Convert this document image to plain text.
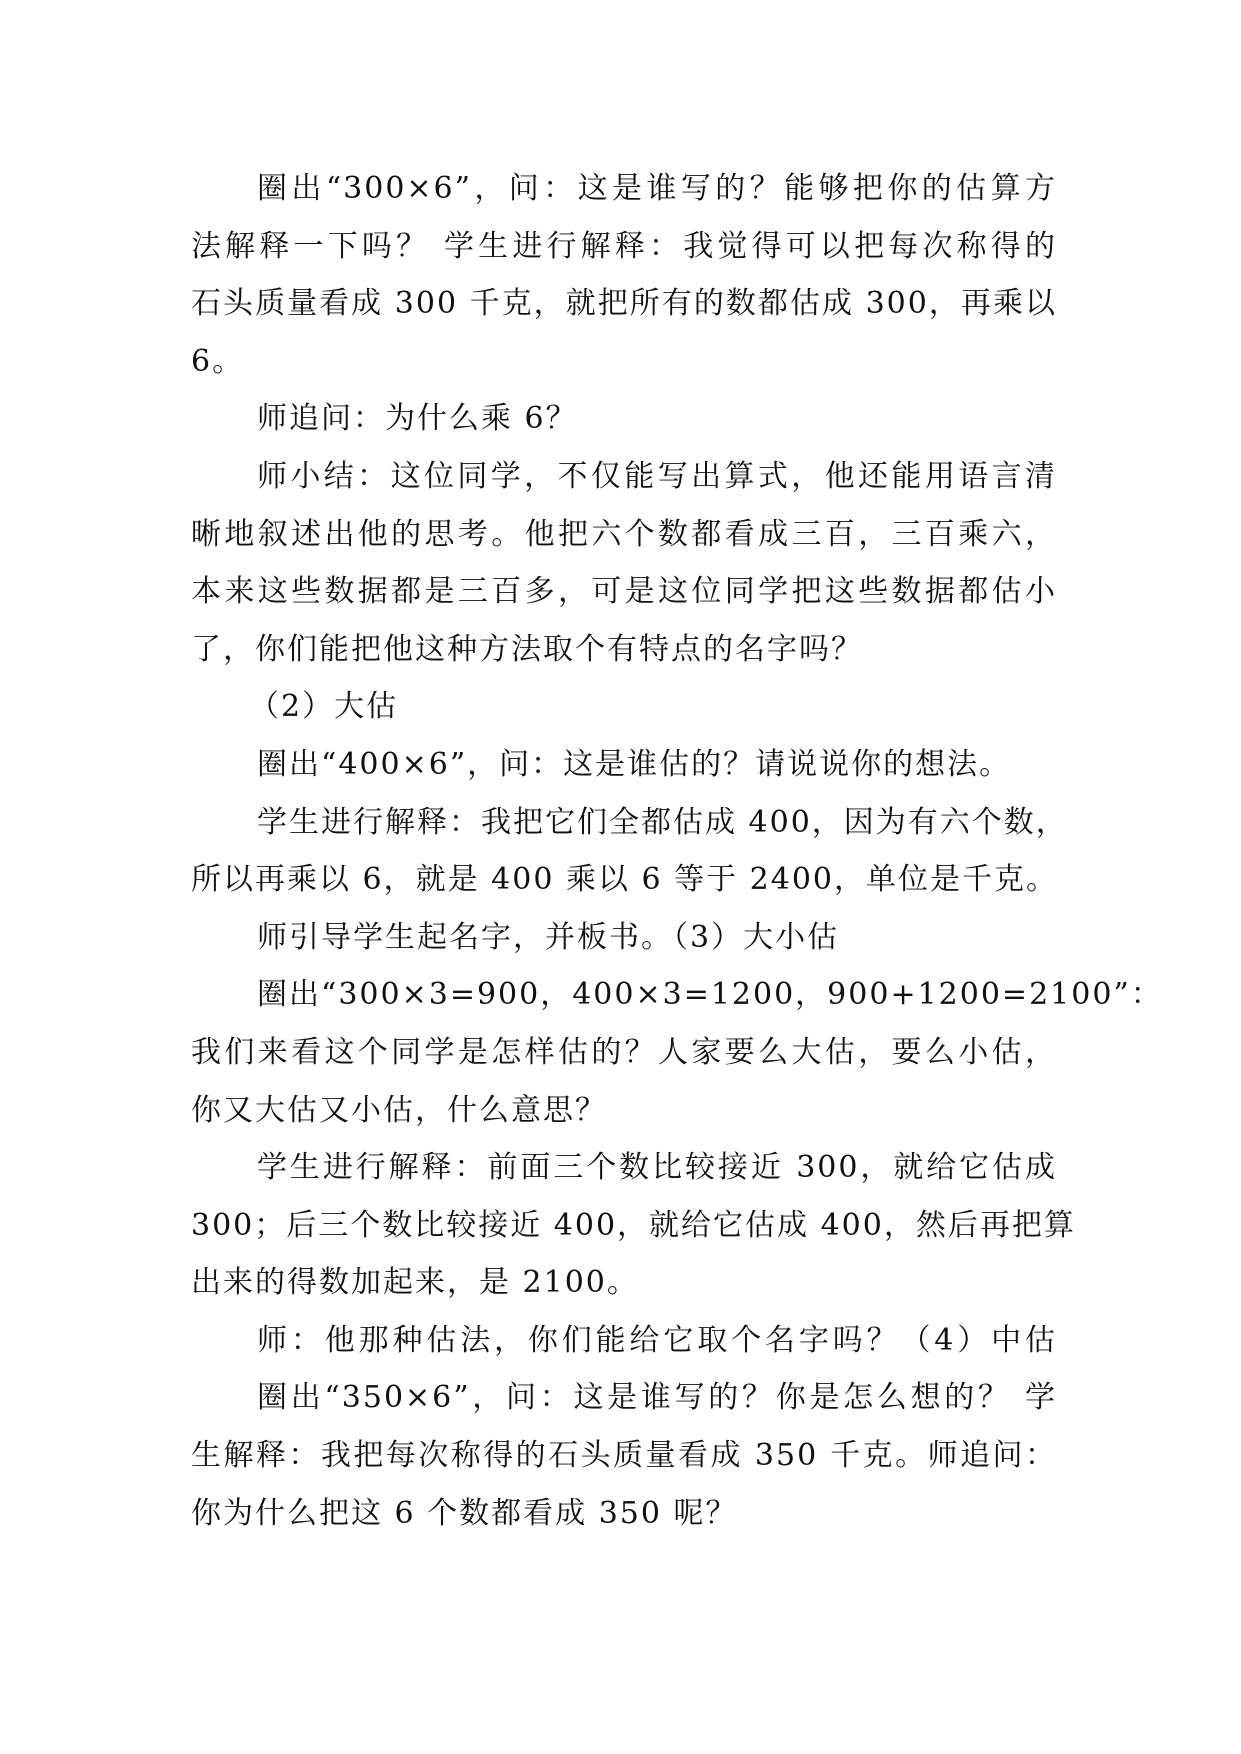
圈出“300×6”，问：这是谁写的？能够把你的估算方
法解释一下吗？ 学生进行解释：我觉得可以把每次称得的
石头质量看成 300 千克，就把所有的数都估成 300，再乘以
6。
师追问：为什么乘 6？
师小结：这位同学，不仅能写出算式，他还能用语言清
晰地叙述出他的思考。他把六个数都看成三百，三百乘六，
本来这些数据都是三百多，可是这位同学把这些数据都估小
了，你们能把他这种方法取个有特点的名字吗？
（2）大估
圈出“400×6”，问：这是谁估的？请说说你的想法。
学生进行解释：我把它们全都估成 400，因为有六个数，
所以再乘以 6，就是 400 乘以 6 等于 2400，单位是千克。
师引导学生起名字，并板书。（3）大小估
圈出“300×3=900，400×3=1200，900+1200=2100”：
我们来看这个同学是怎样估的？人家要么大估，要么小估，
你又大估又小估，什么意思？
学生进行解释：前面三个数比较接近 300，就给它估成
300；后三个数比较接近 400，就给它估成 400，然后再把算
出来的得数加起来，是 2100。
师：他那种估法，你们能给它取个名字吗？（4）中估
圈出“350×6”，问：这是谁写的？你是怎么想的？ 学
生解释：我把每次称得的石头质量看成 350 千克。师追问：
你为什么把这 6 个数都看成 350 呢？
